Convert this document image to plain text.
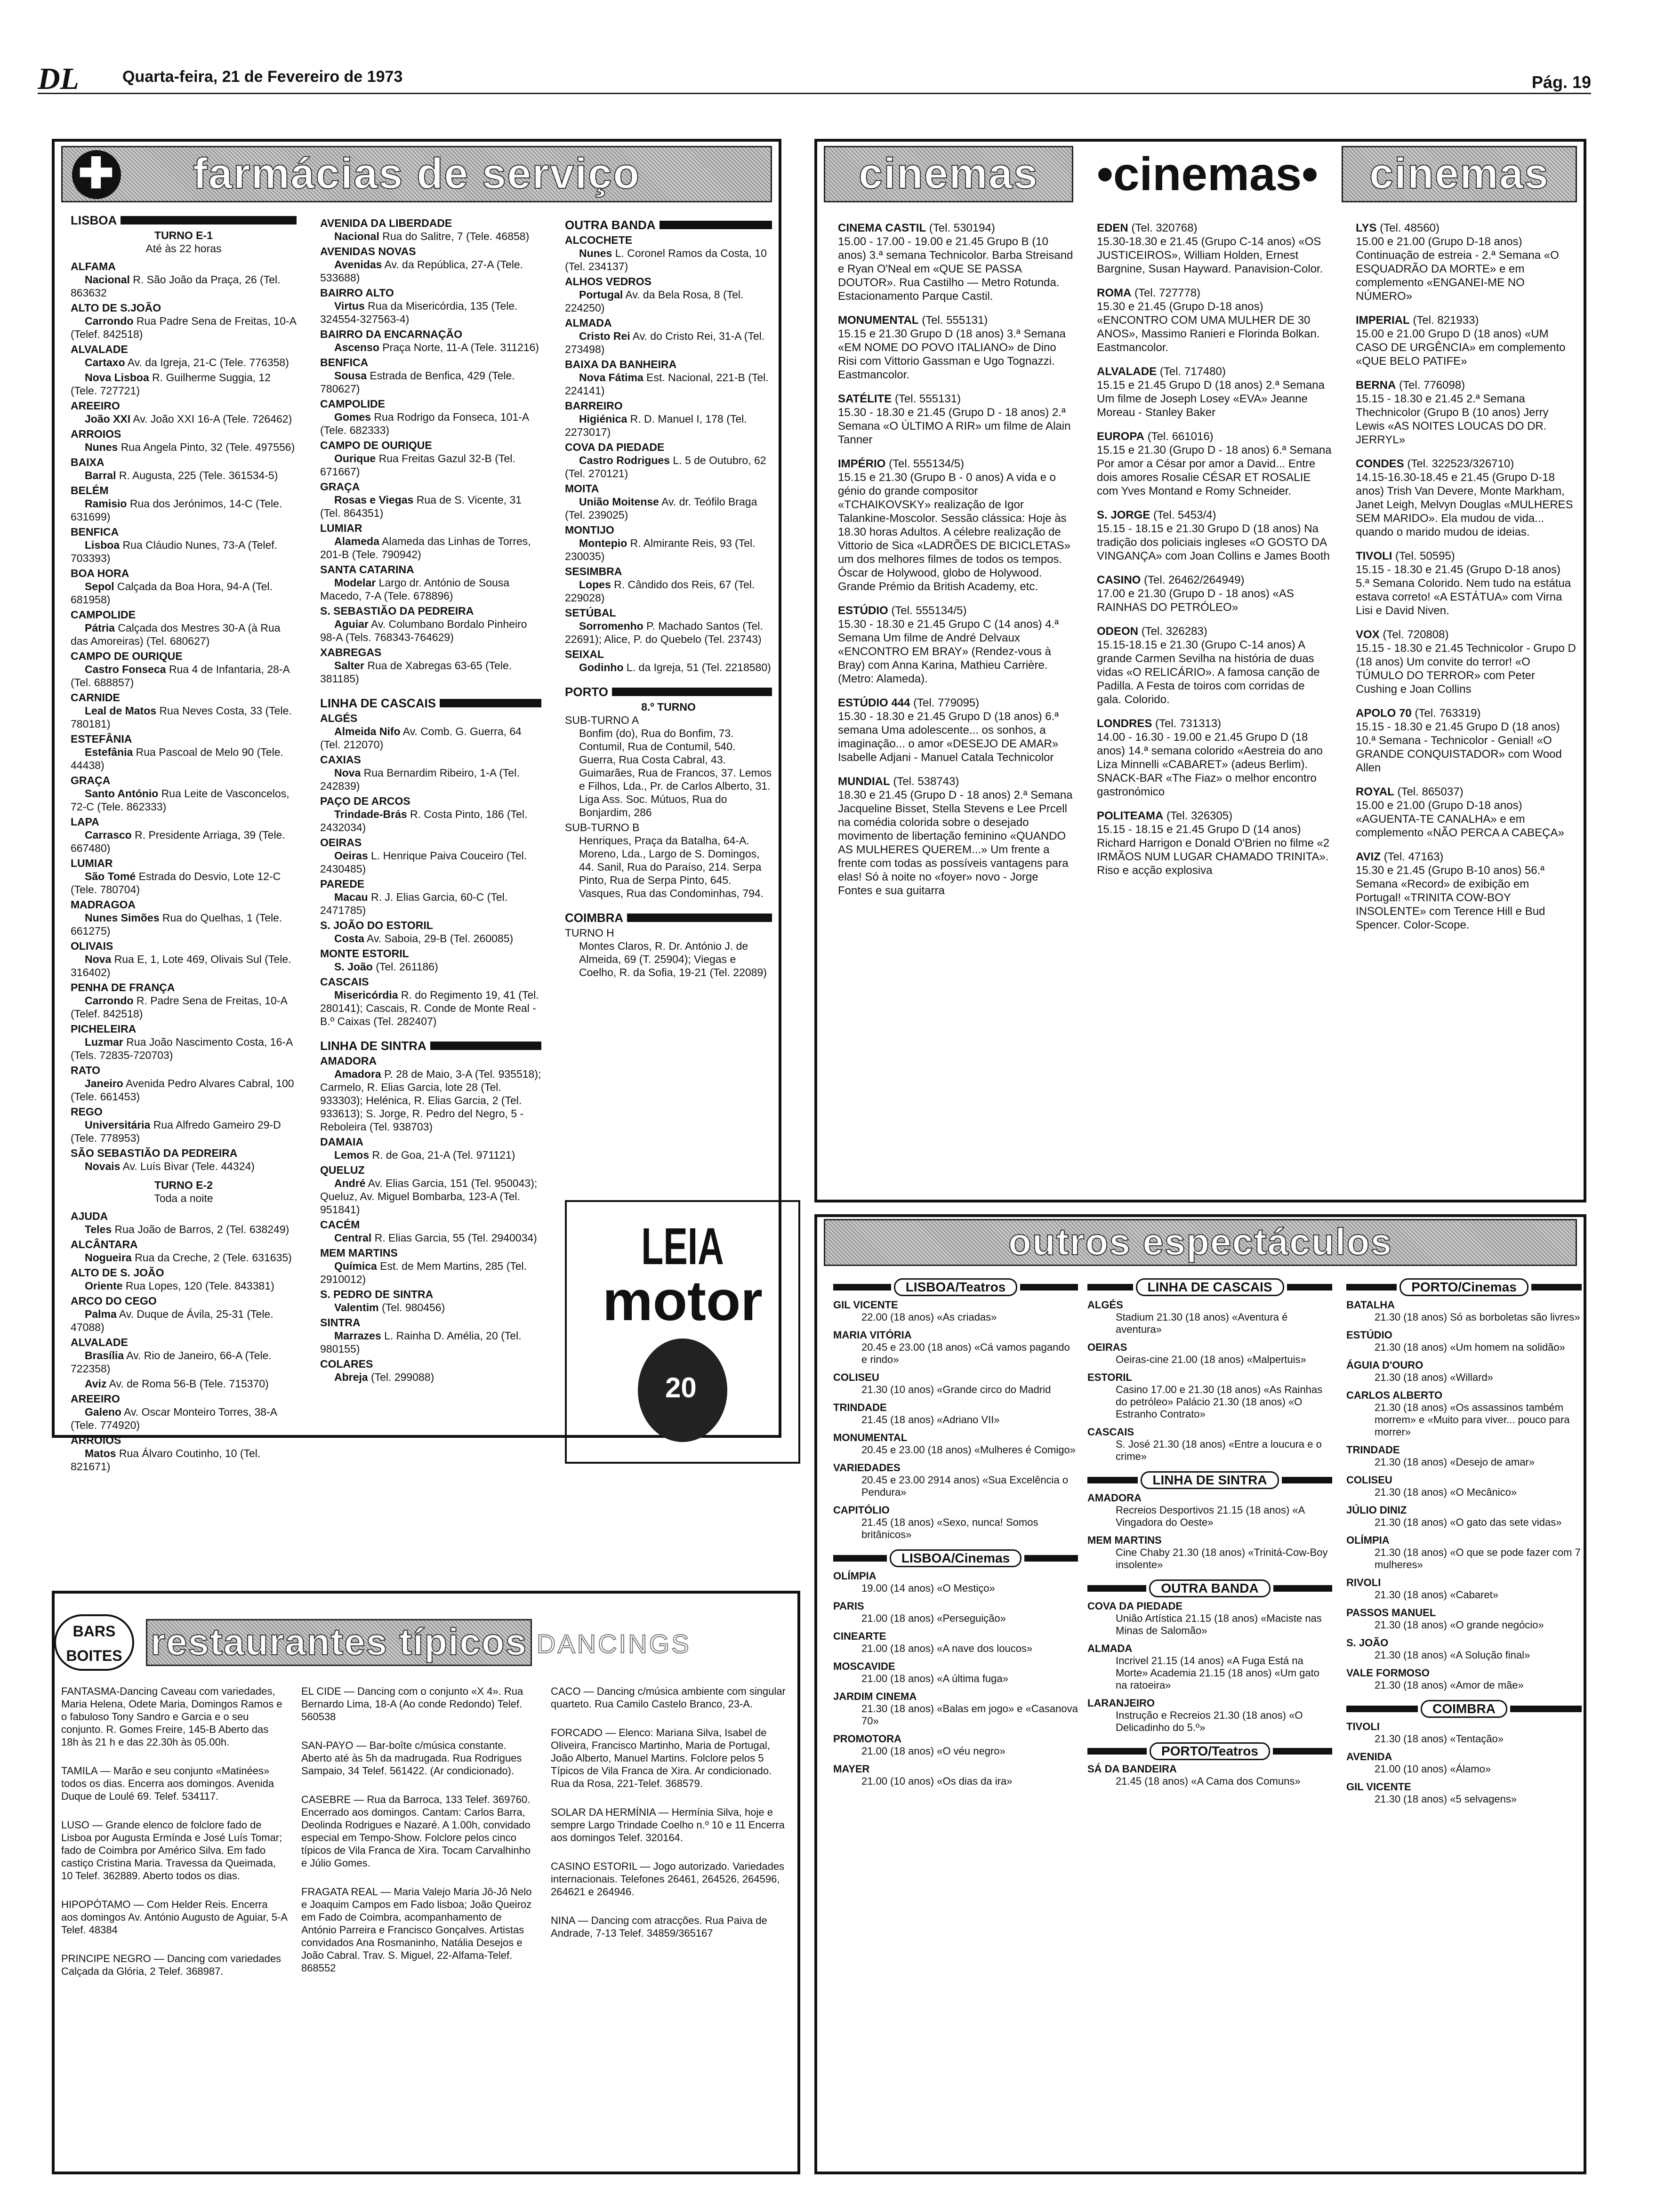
DL	Quarta-feira, 21 de Fevereiro de 1973	Pág. 19
✚ farmácias de serviço
LISBOA
TURNO E-1
Até às 22 horas

ALFAMA
Nacional R. São João da Praça, 26 (Tel. 863632

ALTO DE S.JOÃO
Carrondo Rua Padre Sena de Freitas, 10-A (Telef. 842518)

ALVALADE
Cartaxo Av. da Igreja, 21-C (Tele. 776358)

Nova Lisboa R. Guilherme Suggia, 12 (Tele. 727721)

AREEIRO
João XXI Av. João XXI 16-A (Tele. 726462)

ARROIOS
Nunes Rua Angela Pinto, 32 (Tele. 497556)

BAIXA
Barral R. Augusta, 225 (Tele. 361534-5)

BELÉM
Ramisio Rua dos Jerónimos, 14-C (Tele. 631699)

BENFICA
Lisboa Rua Cláudio Nunes, 73-A (Telef. 703393)

BOA HORA
Sepol Calçada da Boa Hora, 94-A (Tel. 681958)

CAMPOLIDE
Pátria Calçada dos Mestres 30-A (à Rua das Amoreiras) (Tel. 680627)

CAMPO DE OURIQUE
Castro Fonseca Rua 4 de Infantaria, 28-A (Tel. 688857)

CARNIDE
Leal de Matos Rua Neves Costa, 33 (Tele. 780181)

ESTEFÂNIA
Estefânia Rua Pascoal de Melo 90 (Tele. 44438)

GRAÇA
Santo António Rua Leite de Vasconcelos, 72-C (Tele. 862333)

LAPA
Carrasco R. Presidente Arriaga, 39 (Tele. 667480)

LUMIAR
São Tomé Estrada do Desvio, Lote 12-C (Tele. 780704)

MADRAGOA
Nunes Simões Rua do Quelhas, 1 (Tele. 661275)

OLIVAIS
Nova Rua E, 1, Lote 469, Olivais Sul (Tele. 316402)

PENHA DE FRANÇA
Carrondo R. Padre Sena de Freitas, 10-A (Telef. 842518)

PICHELEIRA
Luzmar Rua João Nascimento Costa, 16-A (Tels. 72835-720703)

RATO
Janeiro Avenida Pedro Alvares Cabral, 100 (Tele. 661453)

REGO
Universitária Rua Alfredo Gameiro 29-D (Tele. 778953)

SÃO SEBASTIÃO DA PEDREIRA
Novais Av. Luís Bivar (Tele. 44324)

TURNO E-2
Toda a noite

AJUDA
Teles Rua João de Barros, 2 (Tel. 638249)

ALCÂNTARA
Nogueira Rua da Creche, 2 (Tele. 631635)

ALTO DE S. JOÃO
Oriente Rua Lopes, 120 (Tele. 843381)

ARCO DO CEGO
Palma Av. Duque de Ávila, 25-31 (Tele. 47088)

ALVALADE
Brasília Av. Rio de Janeiro, 66-A (Tele. 722358)

Aviz Av. de Roma 56-B (Tele. 715370)

AREEIRO
Galeno Av. Oscar Monteiro Torres, 38-A (Tele. 774920)

ARROIOS
Matos Rua Álvaro Coutinho, 10 (Tel. 821671)

AVENIDA DA LIBERDADE
Nacional Rua do Salitre, 7 (Tele. 46858)

AVENIDAS NOVAS
Avenidas Av. da República, 27-A (Tele. 533688)

BAIRRO ALTO
Virtus Rua da Misericórdia, 135 (Tele. 324554-327563-4)

BAIRRO DA ENCARNAÇÃO
Ascenso Praça Norte, 11-A (Tele. 311216)

BENFICA
Sousa Estrada de Benfica, 429 (Tele. 780627)

CAMPOLIDE
Gomes Rua Rodrigo da Fonseca, 101-A (Tele. 682333)

CAMPO DE OURIQUE
Ourique Rua Freitas Gazul 32-B (Tel. 671667)

GRAÇA
Rosas e Viegas Rua de S. Vicente, 31 (Tel. 864351)

LUMIAR
Alameda Alameda das Linhas de Torres, 201-B (Tele. 790942)

SANTA CATARINA
Modelar Largo dr. António de Sousa Macedo, 7-A (Tele. 678896)

S. SEBASTIÃO DA PEDREIRA
Aguiar Av. Columbano Bordalo Pinheiro 98-A (Tels. 768343-764629)

XABREGAS
Salter Rua de Xabregas 63-65 (Tele. 381185)

LINHA DE CASCAIS

ALGÉS
Almeida Nifo Av. Comb. G. Guerra, 64 (Tel. 212070)

CAXIAS
Nova Rua Bernardim Ribeiro, 1-A (Tel. 242839)

PAÇO DE ARCOS
Trindade-Brás R. Costa Pinto, 186 (Tel. 2432034)

OEIRAS
Oeiras L. Henrique Paiva Couceiro (Tel. 2430485)

PAREDE
Macau R. J. Elias Garcia, 60-C (Tel. 2471785)

S. JOÃO DO ESTORIL
Costa Av. Saboia, 29-B (Tel. 260085)

MONTE ESTORIL
S. João (Tel. 261186)

CASCAIS
Misericórdia R. do Regimento 19, 41 (Tel. 280141); Cascais, R. Conde de Monte Real - B.º Caixas (Tel. 282407)

LINHA DE SINTRA

AMADORA
Amadora P. 28 de Maio, 3-A (Tel. 935518); Carmelo, R. Elias Garcia, lote 28 (Tel. 933303); Helénica, R. Elias Garcia, 2 (Tel. 933613); S. Jorge, R. Pedro del Negro, 5 - Reboleira (Tel. 938703)

DAMAIA
Lemos R. de Goa, 21-A (Tel. 971121)

QUELUZ
André Av. Elias Garcia, 151 (Tel. 950043); Queluz, Av. Miguel Bombarba, 123-A (Tel. 951841)

CACÉM
Central R. Elias Garcia, 55 (Tel. 2940034)

MEM MARTINS
Química Est. de Mem Martins, 285 (Tel. 2910012)

S. PEDRO DE SINTRA
Valentim (Tel. 980456)

SINTRA
Marrazes L. Rainha D. Amélia, 20 (Tel. 980155)

COLARES
Abreja (Tel. 299088)

OUTRA BANDA

ALCOCHETE
Nunes L. Coronel Ramos da Costa, 10 (Tel. 234137)

ALHOS VEDROS
Portugal Av. da Bela Rosa, 8 (Tel. 224250)

ALMADA
Cristo Rei Av. do Cristo Rei, 31-A (Tel. 273498)

BAIXA DA BANHEIRA
Nova Fátima Est. Nacional, 221-B (Tel. 224141)

BARREIRO
Higiénica R. D. Manuel I, 178 (Tel. 2273017)

COVA DA PIEDADE
Castro Rodrigues L. 5 de Outubro, 62 (Tel. 270121)

MOITA
União Moitense Av. dr. Teófilo Braga (Tel. 239025)

MONTIJO
Montepio R. Almirante Reis, 93 (Tel. 230035)

SESIMBRA
Lopes R. Cândido dos Reis, 67 (Tel. 229028)

SETÚBAL
Sorromenho P. Machado Santos (Tel. 22691); Alice, P. do Quebelo (Tel. 23743)

SEIXAL
Godinho L. da Igreja, 51 (Tel. 2218580)

PORTO
8.º TURNO
SUB-TURNO A

Bonfim (do), Rua do Bonfim, 73. Contumil, Rua de Contumil, 540. Guerra, Rua Costa Cabral, 43. Guimarães, Rua de Francos, 37. Lemos e Filhos, Lda., Pr. de Carlos Alberto, 31. Liga Ass. Soc. Mútuos, Rua do Bonjardim, 286

SUB-TURNO B

Henriques, Praça da Batalha, 64-A. Moreno, Lda., Largo de S. Domingos, 44. Sanil, Rua do Paraíso, 214. Serpa Pinto, Rua de Serpa Pinto, 645. Vasques, Rua das Condominhas, 794.

COIMBRA
TURNO H

Montes Claros, R. Dr. António J. de Almeida, 69 (T. 25904); Viegas e Coelho, R. da Sofia, 19-21 (Tel. 22089)

LEIA
motor
20
cinemas	•cinemas•	cinemas

CINEMA CASTIL (Tel. 530194)
15.00 - 17.00 - 19.00 e 21.45 Grupo B (10 anos) 3.ª semana Technicolor. Barba Streisand e Ryan O'Neal em «QUE SE PASSA DOUTOR». Rua Castilho — Metro Rotunda. Estacionamento Parque Castil.

MONUMENTAL (Tel. 555131)
15.15 e 21.30 Grupo D (18 anos) 3.ª Semana «EM NOME DO POVO ITALIANO» de Dino Risi com Vittorio Gassman e Ugo Tognazzi. Eastmancolor.

SATÉLITE (Tel. 555131)
15.30 - 18.30 e 21.45 (Grupo D - 18 anos) 2.ª Semana «O ÚLTIMO A RIR» um filme de Alain Tanner

IMPÉRIO (Tel. 555134/5)
15.15 e 21.30 (Grupo B - 0 anos) A vida e o génio do grande compositor «TCHAIKOVSKY» realização de Igor Talankine-Moscolor. Sessão clássica: Hoje às 18.30 horas Adultos. A célebre realização de Vittorio de Sica «LADRÕES DE BICICLETAS» um dos melhores filmes de todos os tempos. Óscar de Holywood, globo de Holywood. Grande Prémio da British Academy, etc.

ESTÚDIO (Tel. 555134/5)
15.30 - 18.30 e 21.45 Grupo C (14 anos) 4.ª Semana Um filme de André Delvaux «ENCONTRO EM BRAY» (Rendez-vous à Bray) com Anna Karina, Mathieu Carrière. (Metro: Alameda).

ESTÚDIO 444 (Tel. 779095)
15.30 - 18.30 e 21.45 Grupo D (18 anos) 6.ª semana Uma adolescente... os sonhos, a imaginação... o amor «DESEJO DE AMAR» Isabelle Adjani - Manuel Catala Technicolor

MUNDIAL (Tel. 538743)
18.30 e 21.45 (Grupo D - 18 anos) 2.ª Semana Jacqueline Bisset, Stella Stevens e Lee Prcell na comédia colorida sobre o desejado movimento de libertação feminino «QUANDO AS MULHERES QUEREM...» Um frente a frente com todas as possíveis vantagens para elas! Só à noite no «foyer» novo - Jorge Fontes e sua guitarra

EDEN (Tel. 320768)
15.30-18.30 e 21.45 (Grupo C-14 anos) «OS JUSTICEIROS», William Holden, Ernest Bargnine, Susan Hayward. Panavision-Color.

ROMA (Tel. 727778)
15.30 e 21.45 (Grupo D-18 anos) «ENCONTRO COM UMA MULHER DE 30 ANOS», Massimo Ranieri e Florinda Bolkan. Eastmancolor.

ALVALADE (Tel. 717480)
15.15 e 21.45 Grupo D (18 anos) 2.ª Semana Um filme de Joseph Losey «EVA» Jeanne Moreau - Stanley Baker

EUROPA (Tel. 661016)
15.15 e 21.30 (Grupo D - 18 anos) 6.ª Semana Por amor a César por amor a David... Entre dois amores Rosalie CÉSAR ET ROSALIE com Yves Montand e Romy Schneider.

S. JORGE (Tel. 5453/4)
15.15 - 18.15 e 21.30 Grupo D (18 anos) Na tradição dos policiais ingleses «O GOSTO DA VINGANÇA» com Joan Collins e James Booth

CASINO (Tel. 26462/264949)
17.00 e 21.30 (Grupo D - 18 anos) «AS RAINHAS DO PETRÓLEO»

ODEON (Tel. 326283)
15.15-18.15 e 21.30 (Grupo C-14 anos) A grande Carmen Sevilha na história de duas vidas «O RELICÁRIO». A famosa canção de Padilla. A Festa de toiros com corridas de gala. Colorido.

LONDRES (Tel. 731313)
14.00 - 16.30 - 19.00 e 21.45 Grupo D (18 anos) 14.ª semana colorido «Aestreia do ano Liza Minnelli «CABARET» (adeus Berlim). SNACK-BAR «The Fiaz» o melhor encontro gastronómico

POLITEAMA (Tel. 326305)
15.15 - 18.15 e 21.45 Grupo D (14 anos) Richard Harrigon e Donald O'Brien no filme «2 IRMÃOS NUM LUGAR CHAMADO TRINITA». Riso e acção explosiva

LYS (Tel. 48560)
15.00 e 21.00 (Grupo D-18 anos) Continuação de estreia - 2.ª Semana «O ESQUADRÃO DA MORTE» e em complemento «ENGANEI-ME NO NÚMERO»

IMPERIAL (Tel. 821933)
15.00 e 21.00 Grupo D (18 anos) «UM CASO DE URGÊNCIA» em complemento «QUE BELO PATIFE»

BERNA (Tel. 776098)
15.15 - 18.30 e 21.45 2.ª Semana Thechnicolor (Grupo B (10 anos) Jerry Lewis «AS NOITES LOUCAS DO DR. JERRYL»

CONDES (Tel. 322523/326710)
14.15-16.30-18.45 e 21.45 (Grupo D-18 anos) Trish Van Devere, Monte Markham, Janet Leigh, Melvyn Douglas «MULHERES SEM MARIDO». Ela mudou de vida... quando o marido mudou de ideias.

TIVOLI (Tel. 50595)
15.15 - 18.30 e 21.45 (Grupo D-18 anos) 5.ª Semana Colorido. Nem tudo na estátua estava correto! «A ESTÁTUA» com Virna Lisi e David Niven.

VOX (Tel. 720808)
15.15 - 18.30 e 21.45 Technicolor - Grupo D (18 anos) Um convite do terror! «O TÚMULO DO TERROR» com Peter Cushing e Joan Collins

APOLO 70 (Tel. 763319)
15.15 - 18.30 e 21.45 Grupo D (18 anos) 10.ª Semana - Technicolor - Genial! «O GRANDE CONQUISTADOR» com Wood Allen

ROYAL (Tel. 865037)
15.00 e 21.00 (Grupo D-18 anos) «AGUENTA-TE CANALHA» e em complemento «NÃO PERCA A CABEÇA»

AVIZ (Tel. 47163)
15.30 e 21.45 (Grupo B-10 anos) 56.ª Semana «Record» de exibição em Portugal! «TRINITA COW-BOY INSOLENTE» com Terence Hill e Bud Spencer. Color-Scope.

outros espectáculos
LISBOA/Teatros
GIL VICENTE
22.00 (18 anos) «As criadas»
MARIA VITÓRIA
20.45 e 23.00 (18 anos) «Cá vamos pagando e rindo»
COLISEU
21.30 (10 anos) «Grande circo do Madrid
TRINDADE
21.45 (18 anos) «Adriano VII»
MONUMENTAL
20.45 e 23.00 (18 anos) «Mulheres é Comigo»
VARIEDADES
20.45 e 23.00 2914 anos) «Sua Excelência o Pendura»
CAPITÓLIO
21.45 (18 anos) «Sexo, nunca! Somos britânicos»
LISBOA/Cinemas
OLÍMPIA
19.00 (14 anos) «O Mestiço»
PARIS
21.00 (18 anos) «Perseguição»
CINEARTE
21.00 (18 anos) «A nave dos loucos»
MOSCAVIDE
21.00 (18 anos) «A última fuga»
JARDIM CINEMA
21.30 (18 anos) «Balas em jogo» e «Casanova 70»
PROMOTORA
21.00 (18 anos) «O véu negro»
MAYER
21.00 (10 anos) «Os dias da ira»
LINHA DE CASCAIS
ALGÉS
Stadium 21.30 (18 anos) «Aventura é aventura»
OEIRAS
Oeiras-cine 21.00 (18 anos) «Malpertuis»
ESTORIL
Casino 17.00 e 21.30 (18 anos) «As Rainhas do petróleo» Palácio 21.30 (18 anos) «O Estranho Contrato»
CASCAIS
S. José 21.30 (18 anos) «Entre a loucura e o crime»
LINHA DE SINTRA
AMADORA
Recreios Desportivos 21.15 (18 anos) «A Vingadora do Oeste»
MEM MARTINS
Cine Chaby 21.30 (18 anos) «Trinitá-Cow-Boy insolente»
OUTRA BANDA
COVA DA PIEDADE
União Artística 21.15 (18 anos) «Maciste nas Minas de Salomão»
ALMADA
Incrivel 21.15 (14 anos) «A Fuga Está na Morte» Academia 21.15 (18 anos) «Um gato na ratoeira»
LARANJEIRO
Instrução e Recreios 21.30 (18 anos) «O Delicadinho do 5.º»
PORTO/Teatros
SÁ DA BANDEIRA
21.45 (18 anos) «A Cama dos Comuns»
PORTO/Cinemas
BATALHA
21.30 (18 anos) Só as borboletas são livres»
ESTÚDIO
21.30 (18 anos) «Um homem na solidão»
ÁGUIA D'OURO
21.30 (18 anos) «Willard»
CARLOS ALBERTO
21.30 (18 anos) «Os assassinos também morrem» e «Muito para viver... pouco para morrer»
TRINDADE
21.30 (18 anos) «Desejo de amar»
COLISEU
21.30 (18 anos) «O Mecânico»
JÚLIO DINIZ
21.30 (18 anos) «O gato das sete vidas»
OLÍMPIA
21.30 (18 anos) «O que se pode fazer com 7 mulheres»
RIVOLI
21.30 (18 anos) «Cabaret»
PASSOS MANUEL
21.30 (18 anos) «O grande negócio»
S. JOÃO
21.30 (18 anos) «A Solução final»
VALE FORMOSO
21.30 (18 anos) «Amor de mãe»
COIMBRA
TIVOLI
21.30 (18 anos) «Tentação»
AVENIDA
21.00 (10 anos) «Álamo»
GIL VICENTE
21.30 (18 anos) «5 selvagens»
BARS BOITES restaurantes típicos DANCINGS

FANTASMA-Dancing Caveau com variedades, Maria Helena, Odete Maria, Domingos Ramos e o fabuloso Tony Sandro e Garcia e o seu conjunto. R. Gomes Freire, 145-B Aberto das 18h às 21 h e das 22.30h às 05.00h.

TAMILA — Marão e seu conjunto «Matinées» todos os dias. Encerra aos domingos. Avenida Duque de Loulé 69. Telef. 534117.

LUSO — Grande elenco de folclore fado de Lisboa por Augusta Ermínda e José Luís Tomar; fado de Coimbra por Américo Silva. Em fado castiço Cristina Maria. Travessa da Queimada, 10 Telef. 362889. Aberto todos os dias.

HIPOPÓTAMO — Com Helder Reis. Encerra aos domingos Av. António Augusto de Aguiar, 5-A Telef. 48384

PRINCIPE NEGRO — Dancing com variedades Calçada da Glória, 2 Telef. 368987.

EL CIDE — Dancing com o conjunto «X 4». Rua Bernardo Lima, 18-A (Ao conde Redondo) Telef. 560538

SAN-PAYO — Bar-boîte c/música constante. Aberto até às 5h da madrugada. Rua Rodrigues Sampaio, 34 Telef. 561422. (Ar condicionado).

CASEBRE — Rua da Barroca, 133 Telef. 369760. Encerrado aos domingos. Cantam: Carlos Barra, Deolinda Rodrigues e Nazaré. A 1.00h, convidado especial em Tempo-Show. Folclore pelos cinco típicos de Vila Franca de Xira. Tocam Carvalhinho e Júlio Gomes.

FRAGATA REAL — Maria Valejo Maria Jô-Jô Nelo e Joaquim Campos em Fado lisboa; João Queiroz em Fado de Coimbra, acompanhamento de António Parreira e Francisco Gonçalves. Artistas convidados Ana Rosmaninho, Natália Desejos e João Cabral. Trav. S. Miguel, 22-Alfama-Telef. 868552

CACO — Dancing c/música ambiente com singular quarteto. Rua Camilo Castelo Branco, 23-A.

FORCADO — Elenco: Mariana Silva, Isabel de Oliveira, Francisco Martinho, Maria de Portugal, João Alberto, Manuel Martins. Folclore pelos 5 Típicos de Vila Franca de Xira. Ar condicionado. Rua da Rosa, 221-Telef. 368579.

SOLAR DA HERMÍNIA — Hermínia Silva, hoje e sempre Largo Trindade Coelho n.º 10 e 11 Encerra aos domingos Telef. 320164.

CASINO ESTORIL — Jogo autorizado. Variedades internacionais. Telefones 26461, 264526, 264596, 264621 e 264946.

NINA — Dancing com atracções. Rua Paiva de Andrade, 7-13 Telef. 34859/365167
